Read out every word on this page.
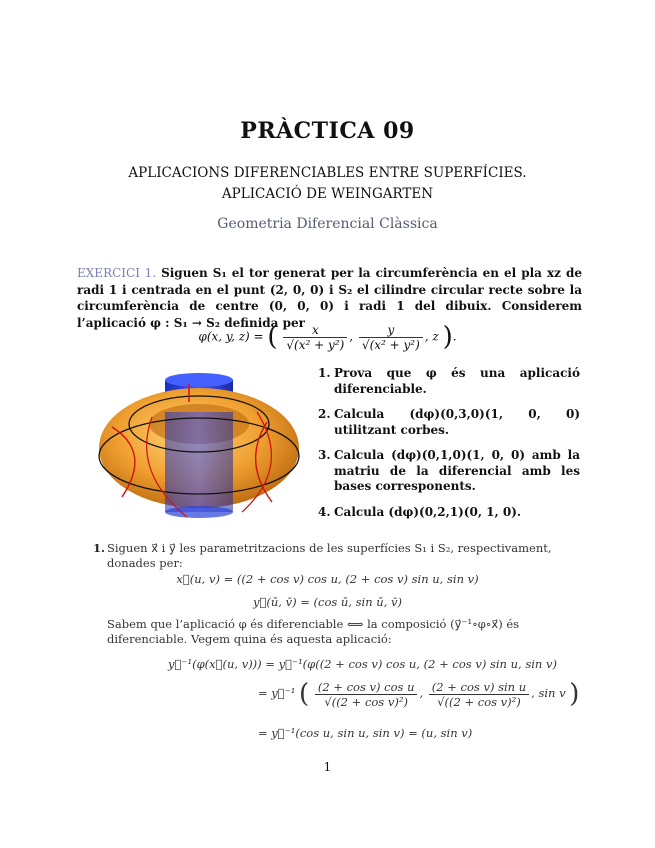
PRÀCTICA 09
APLICACIONS DIFERENCIABLES ENTRE SUPERFÍCIES.
APLICACIÓ DE WEINGARTEN
Geometria Diferencial Clàssica
EXERCICI 1. Siguen S₁ el tor generat per la circumferència en el pla xz de radi 1 i centrada en el punt (2, 0, 0) i S₂ el cilindre circular recte sobre la circumferència de centre (0, 0, 0) i radi 1 del dibuix. Considerem l’aplicació φ : S₁ → S₂ definida per
φ(x, y, z) = ( $\frac{x}{\text{√(x² + y²)}}$ , $\frac{y}{\text{√(x² + y²)}}$ , z ).
1. Prova que φ és una aplicació diferenciable.
2. Calcula (dφ)(0,3,0)(1, 0, 0) utilitzant corbes.
3. Calcula (dφ)(0,1,0)(1, 0, 0) amb la matriu de la diferencial amb les bases corresponents.
4. Calcula (dφ)(0,2,1)(0, 1, 0).
1. Siguen x⃗ i y⃗ les parametritzacions de les superfícies S₁ i S₂, respectivament, donades per:
x⃗(u, v) = ((2 + cos v) cos u, (2 + cos v) sin u, sin v)
y⃗(ū, v̄) = (cos ū, sin ū, v̄)
Sabem que l’aplicació φ és diferenciable ⟺ la composició (y⃗⁻¹∘φ∘x⃗) és diferenciable. Vegem quina és aquesta aplicació:
y⃗⁻¹(φ(x⃗(u, v))) = y⃗⁻¹(φ((2 + cos v) cos u, (2 + cos v) sin u, sin v)
= y⃗⁻¹ ( $\frac{\text{(2 + cos v) cos u}}{\text{√((2 + cos v)²)}}$ , $\frac{\text{(2 + cos v) sin u}}{\text{√((2 + cos v)²)}}$ , sin v )
= y⃗⁻¹(cos u, sin u, sin v) = (u, sin v)
1
